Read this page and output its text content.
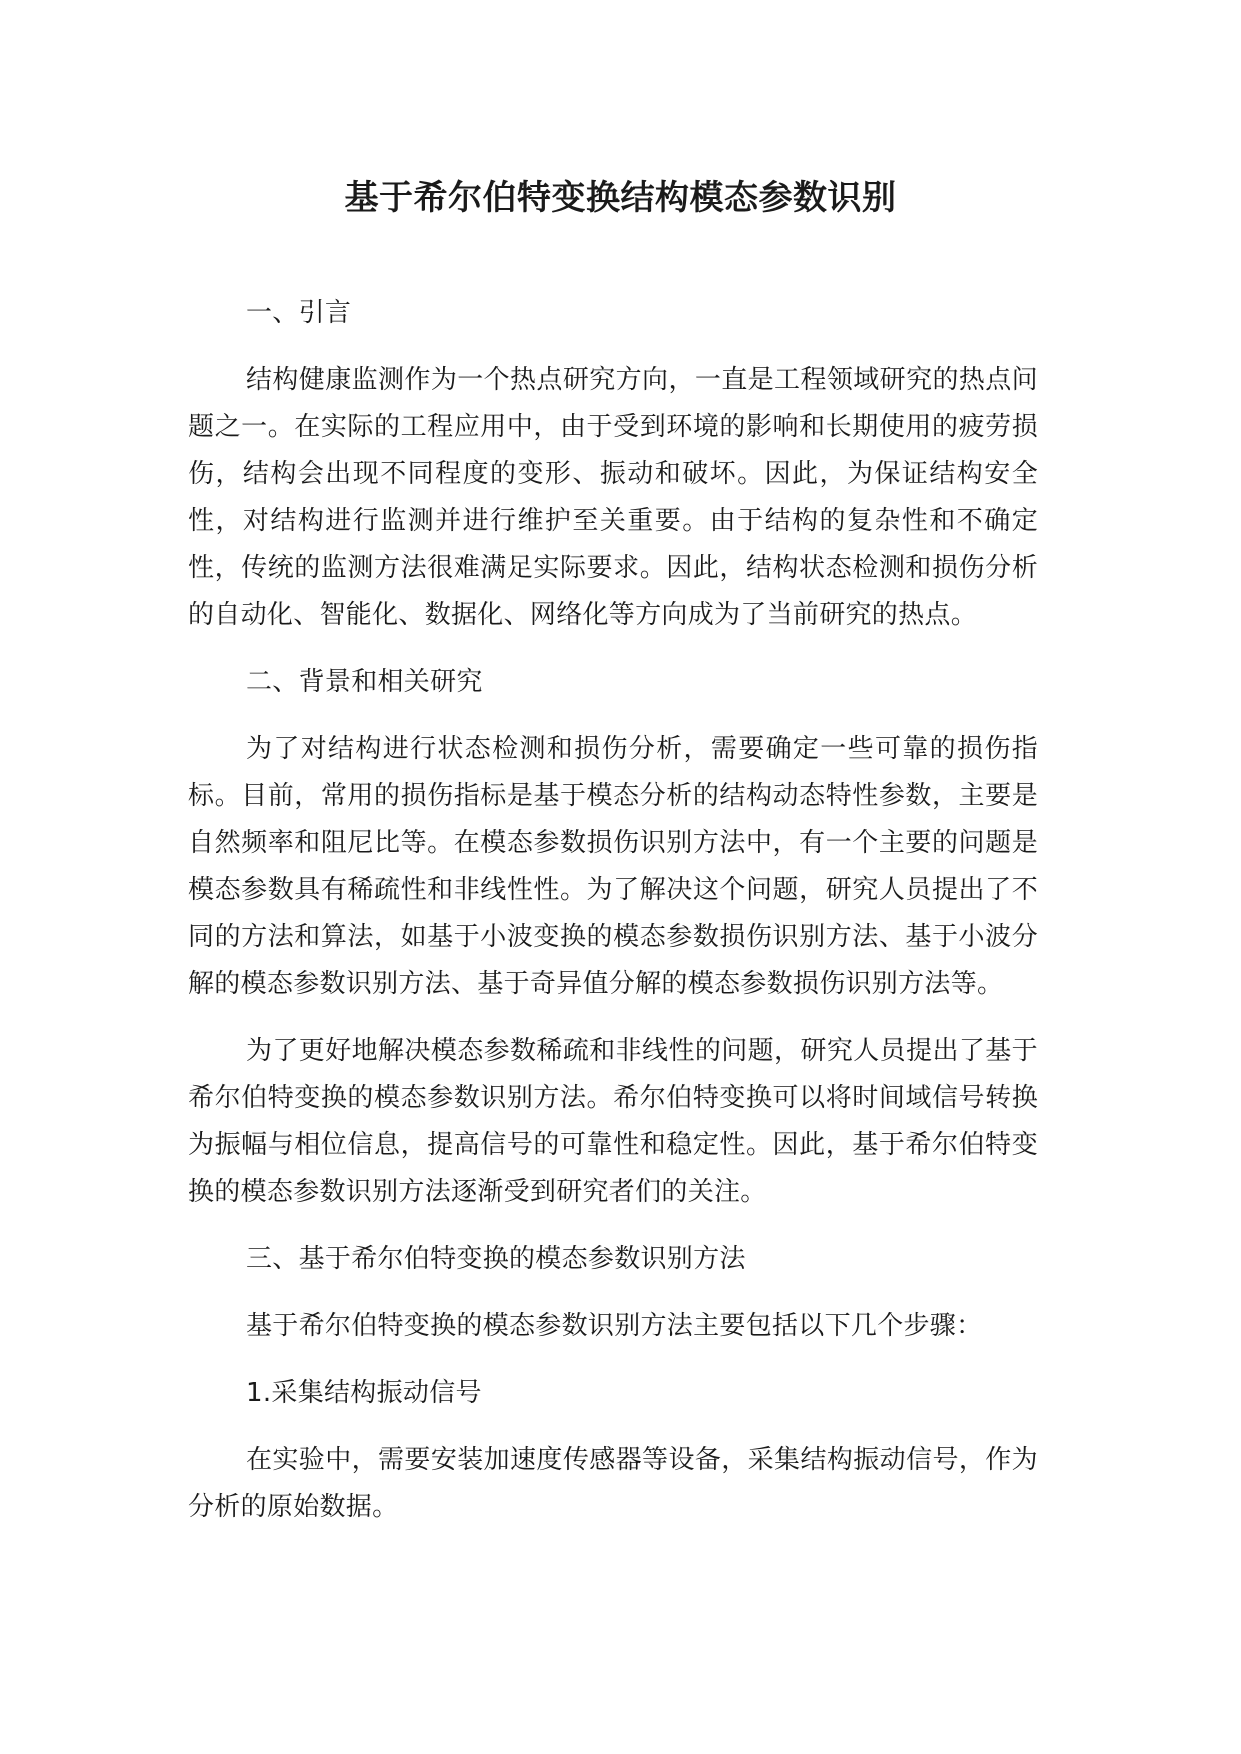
基于希尔伯特变换结构模态参数识别

一、引言

结构健康监测作为一个热点研究方向，一直是工程领域研究的热点问题之一。在实际的工程应用中，由于受到环境的影响和长期使用的疲劳损伤，结构会出现不同程度的变形、振动和破坏。因此，为保证结构安全性，对结构进行监测并进行维护至关重要。由于结构的复杂性和不确定性，传统的监测方法很难满足实际要求。因此，结构状态检测和损伤分析的自动化、智能化、数据化、网络化等方向成为了当前研究的热点。

二、背景和相关研究

为了对结构进行状态检测和损伤分析，需要确定一些可靠的损伤指标。目前，常用的损伤指标是基于模态分析的结构动态特性参数，主要是自然频率和阻尼比等。在模态参数损伤识别方法中，有一个主要的问题是模态参数具有稀疏性和非线性性。为了解决这个问题，研究人员提出了不同的方法和算法，如基于小波变换的模态参数损伤识别方法、基于小波分解的模态参数识别方法、基于奇异值分解的模态参数损伤识别方法等。

为了更好地解决模态参数稀疏和非线性的问题，研究人员提出了基于希尔伯特变换的模态参数识别方法。希尔伯特变换可以将时间域信号转换为振幅与相位信息，提高信号的可靠性和稳定性。因此，基于希尔伯特变换的模态参数识别方法逐渐受到研究者们的关注。

三、基于希尔伯特变换的模态参数识别方法

基于希尔伯特变换的模态参数识别方法主要包括以下几个步骤：

1.采集结构振动信号

在实验中，需要安装加速度传感器等设备，采集结构振动信号，作为分析的原始数据。
